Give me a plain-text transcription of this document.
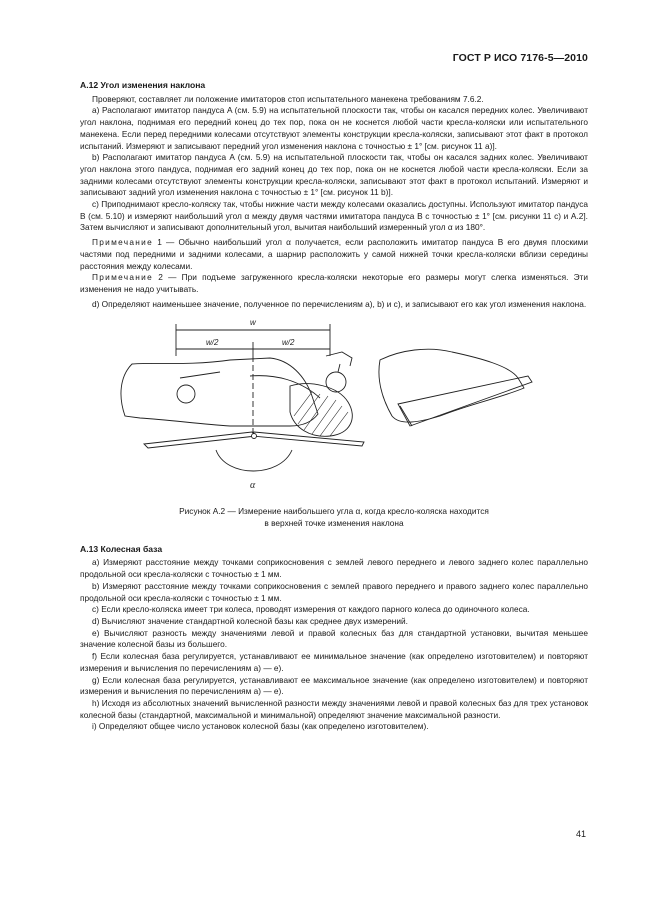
ГОСТ Р ИСО 7176-5—2010
A.12 Угол изменения наклона

Проверяют, составляет ли положение имитаторов стоп испытательного манекена требованиям 7.6.2.

a) Располагают имитатор пандуса A (см. 5.9) на испытательной плоскости так, чтобы он касался передних колес. Увеличивают угол наклона, поднимая его передний конец до тех пор, пока он не коснется любой части кресла-коляски или испытательного манекена. Если перед передними колесами отсутствуют элементы конструкции кресла-коляски, записывают этот факт в протокол испытаний. Измеряют и записывают передний угол изменения наклона с точностью ± 1° [см. рисунок 11 a)].

b) Располагают имитатор пандуса A (см. 5.9) на испытательной плоскости так, чтобы он касался задних колес. Увеличивают угол наклона этого пандуса, поднимая его задний конец до тех пор, пока он не коснется любой части кресла-коляски. Если за задними колесами отсутствуют элементы конструкции кресла-коляски, записывают этот факт в протокол испытаний. Измеряют и записывают задний угол изменения наклона с точностью ± 1° [см. рисунок 11 b)].

c) Приподнимают кресло-коляску так, чтобы нижние части между колесами оказались доступны. Используют имитатор пандуса B (см. 5.10) и измеряют наибольший угол α между двумя частями имитатора пандуса B с точностью ± 1° [см. рисунки 11 c) и A.2]. Затем вычисляют и записывают дополнительный угол, вычитая наибольший измеренный угол α из 180°.

Примечание 1 — Обычно наибольший угол α получается, если расположить имитатор пандуса B его двумя плоскими частями под передними и задними колесами, а шарнир расположить у самой нижней точки кресла-коляски вблизи середины расстояния между колесами.

Примечание 2 — При подъеме загруженного кресла-коляски некоторые его размеры могут слегка изменяться. Эти изменения не надо учитывать.

d) Определяют наименьшее значение, полученное по перечислениям a), b) и c), и записывают его как угол изменения наклона.

w
w/2	w/2
α
Рисунок A.2 — Измерение наибольшего угла α, когда кресло-коляска находится
в верхней точке изменения наклона
A.13 Колесная база

a) Измеряют расстояние между точками соприкосновения с землей левого переднего и левого заднего колес параллельно продольной оси кресла-коляски с точностью ± 1 мм.

b) Измеряют расстояние между точками соприкосновения с землей правого переднего и правого заднего колес параллельно продольной оси кресла-коляски с точностью ± 1 мм.

c) Если кресло-коляска имеет три колеса, проводят измерения от каждого парного колеса до одиночного колеса.

d) Вычисляют значение стандартной колесной базы как среднее двух измерений.

e) Вычисляют разность между значениями левой и правой колесных баз для стандартной установки, вычитая меньшее значение колесной базы из большего.

f) Если колесная база регулируется, устанавливают ее минимальное значение (как определено изготовителем) и повторяют измерения и вычисления по перечислениям a) — e).

g) Если колесная база регулируется, устанавливают ее максимальное значение (как определено изготовителем) и повторяют измерения и вычисления по перечислениям a) — e).

h) Исходя из абсолютных значений вычисленной разности между значениями левой и правой колесных баз для трех установок колесной базы (стандартной, максимальной и минимальной) определяют значение максимальной разности.

i) Определяют общее число установок колесной базы (как определено изготовителем).

41
